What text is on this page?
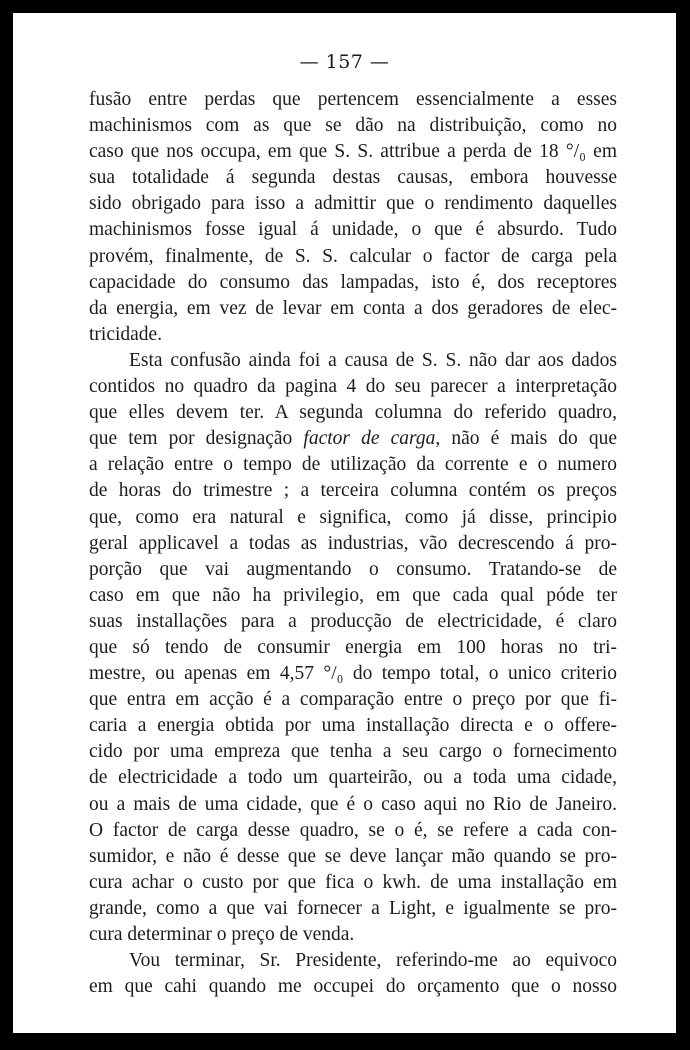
— 157 —
fusão entre perdas que pertencem essencialmente a esses
machinismos com as que se dão na distribuição, como no
caso que nos occupa, em que S. S. attribue a perda de 18 °/₀ em
sua totalidade á segunda destas causas, embora houvesse
sido obrigado para isso a admittir que o rendimento daquelles
machinismos fosse igual á unidade, o que é absurdo. Tudo
provém, finalmente, de S. S. calcular o factor de carga pela
capacidade do consumo das lampadas, isto é, dos receptores
da energia, em vez de levar em conta a dos geradores de elec-
tricidade.
Esta confusão ainda foi a causa de S. S. não dar aos dados
contidos no quadro da pagina 4 do seu parecer a interpretação
que elles devem ter. A segunda columna do referido quadro,
que tem por designação factor de carga, não é mais do que
a relação entre o tempo de utilização da corrente e o numero
de horas do trimestre ; a terceira columna contém os preços
que, como era natural e significa, como já disse, principio
geral applicavel a todas as industrias, vão decrescendo á pro-
porção que vai augmentando o consumo. Tratando-se de
caso em que não ha privilegio, em que cada qual póde ter
suas installações para a producção de electricidade, é claro
que só tendo de consumir energia em 100 horas no tri-
mestre, ou apenas em 4,57 °/₀ do tempo total, o unico criterio
que entra em acção é a comparação entre o preço por que fi-
caria a energia obtida por uma installação directa e o offere-
cido por uma empreza que tenha a seu cargo o fornecimento
de electricidade a todo um quarteirão, ou a toda uma cidade,
ou a mais de uma cidade, que é o caso aqui no Rio de Janeiro.
O factor de carga desse quadro, se o é, se refere a cada con-
sumidor, e não é desse que se deve lançar mão quando se pro-
cura achar o custo por que fica o kwh. de uma installação em
grande, como a que vai fornecer a Light, e igualmente se pro-
cura determinar o preço de venda.
Vou terminar, Sr. Presidente, referindo-me ao equivoco
em que cahi quando me occupei do orçamento que o nosso
